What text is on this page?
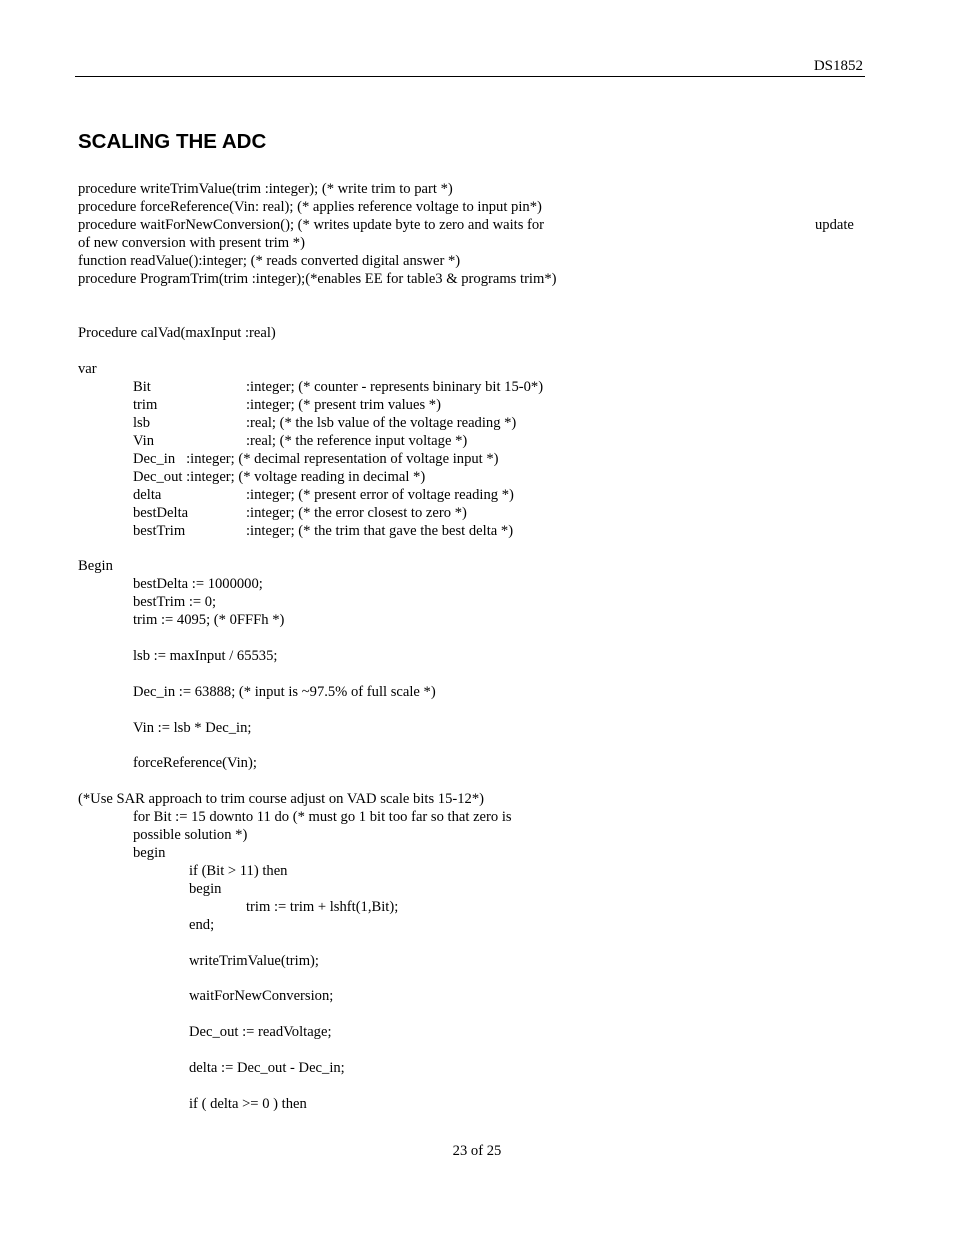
DS1852
SCALING THE ADC
procedure writeTrimValue(trim :integer); (* write trim to part *)
procedure forceReference(Vin: real); (* applies reference voltage to input pin*)
procedure waitForNewConversion(); (* writes update byte to zero and waits for	update
of new conversion with present trim *)
function readValue():integer; (* reads converted digital answer *)
procedure ProgramTrim(trim :integer);(*enables EE for table3 & programs trim*)
Procedure calVad(maxInput :real)
var
Bit	:integer; (* counter - represents bininary bit 15-0*)
trim	:integer; (* present trim values *)
lsb	:real; (* the lsb value of the voltage reading *)
Vin	:real; (* the reference input voltage *)
Dec_in   :integer; (* decimal representation of voltage input *)
Dec_out :integer; (* voltage reading in decimal *)
delta	:integer; (* present error of voltage reading *)
bestDelta	:integer; (* the error closest to zero *)
bestTrim	:integer; (* the trim that gave the best delta *)
Begin
bestDelta := 1000000;
bestTrim := 0;
trim := 4095; (* 0FFFh *)
lsb := maxInput / 65535;
Dec_in := 63888; (* input is ~97.5% of full scale *)
Vin := lsb * Dec_in;
forceReference(Vin);
(*Use SAR approach to trim course adjust on VAD scale bits 15-12*)
for Bit := 15 downto 11 do (* must go 1 bit too far so that zero is
possible solution *)
begin
if (Bit > 11) then
begin
trim := trim + lshft(1,Bit);
end;
writeTrimValue(trim);
waitForNewConversion;
Dec_out := readVoltage;
delta := Dec_out - Dec_in;
if ( delta >= 0 ) then
23 of 25
